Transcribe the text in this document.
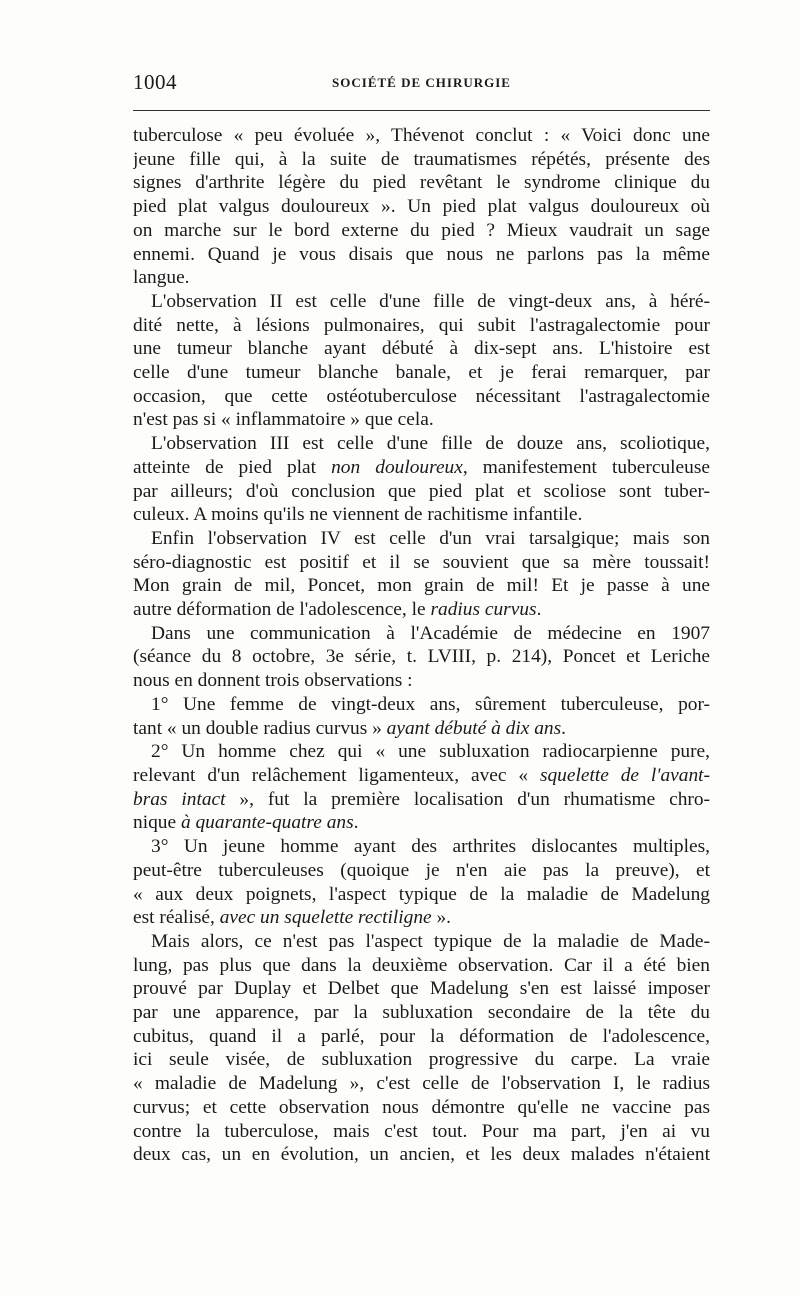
1004	SOCIÉTÉ DE CHIRURGIE
tuberculose « peu évoluée », Thévenot conclut : « Voici donc une
jeune fille qui, à la suite de traumatismes répétés, présente des
signes d'arthrite légère du pied revêtant le syndrome clinique du
pied plat valgus douloureux ». Un pied plat valgus douloureux où
on marche sur le bord externe du pied ? Mieux vaudrait un sage
ennemi. Quand je vous disais que nous ne parlons pas la même
langue.
L'observation II est celle d'une fille de vingt-deux ans, à héré-
dité nette, à lésions pulmonaires, qui subit l'astragalectomie pour
une tumeur blanche ayant débuté à dix-sept ans. L'histoire est
celle d'une tumeur blanche banale, et je ferai remarquer, par
occasion, que cette ostéotuberculose nécessitant l'astragalectomie
n'est pas si « inflammatoire » que cela.
L'observation III est celle d'une fille de douze ans, scoliotique,
atteinte de pied plat non douloureux, manifestement tuberculeuse
par ailleurs; d'où conclusion que pied plat et scoliose sont tuber-
culeux. A moins qu'ils ne viennent de rachitisme infantile.
Enfin l'observation IV est celle d'un vrai tarsalgique; mais son
séro-diagnostic est positif et il se souvient que sa mère toussait!
Mon grain de mil, Poncet, mon grain de mil! Et je passe à une
autre déformation de l'adolescence, le radius curvus.
Dans une communication à l'Académie de médecine en 1907
(séance du 8 octobre, 3e série, t. LVIII, p. 214), Poncet et Leriche
nous en donnent trois observations :
1° Une femme de vingt-deux ans, sûrement tuberculeuse, por-
tant « un double radius curvus » ayant débuté à dix ans.
2° Un homme chez qui « une subluxation radiocarpienne pure,
relevant d'un relâchement ligamenteux, avec « squelette de l'avant-
bras intact », fut la première localisation d'un rhumatisme chro-
nique à quarante-quatre ans.
3° Un jeune homme ayant des arthrites dislocantes multiples,
peut-être tuberculeuses (quoique je n'en aie pas la preuve), et
« aux deux poignets, l'aspect typique de la maladie de Madelung
est réalisé, avec un squelette rectiligne ».
Mais alors, ce n'est pas l'aspect typique de la maladie de Made-
lung, pas plus que dans la deuxième observation. Car il a été bien
prouvé par Duplay et Delbet que Madelung s'en est laissé imposer
par une apparence, par la subluxation secondaire de la tête du
cubitus, quand il a parlé, pour la déformation de l'adolescence,
ici seule visée, de subluxation progressive du carpe. La vraie
« maladie de Madelung », c'est celle de l'observation I, le radius
curvus; et cette observation nous démontre qu'elle ne vaccine pas
contre la tuberculose, mais c'est tout. Pour ma part, j'en ai vu
deux cas, un en évolution, un ancien, et les deux malades n'étaient
